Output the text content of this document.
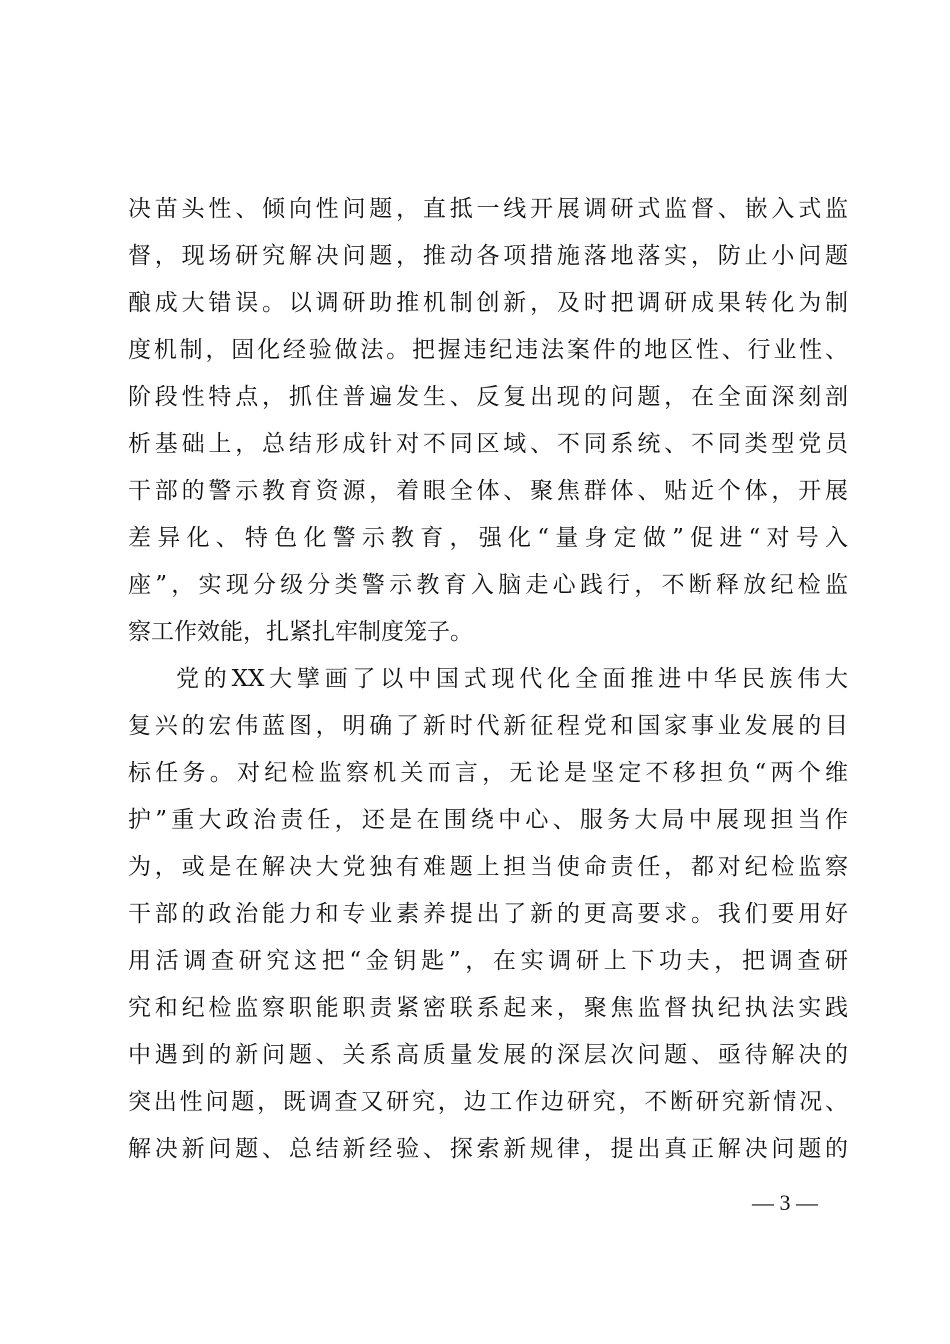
决苗头性、倾向性问题，直抵一线开展调研式监督、嵌入式监
督，现场研究解决问题，推动各项措施落地落实，防止小问题
酿成大错误。以调研助推机制创新，及时把调研成果转化为制
度机制，固化经验做法。把握违纪违法案件的地区性、行业性、
阶段性特点，抓住普遍发生、反复出现的问题，在全面深刻剖
析基础上，总结形成针对不同区域、不同系统、不同类型党员
干部的警示教育资源，着眼全体、聚焦群体、贴近个体，开展
差异化、特色化警示教育，强化“量身定做”促进“对号入
座”，实现分级分类警示教育入脑走心践行，不断释放纪检监
察工作效能，扎紧扎牢制度笼子。
党的XX大擘画了以中国式现代化全面推进中华民族伟大
复兴的宏伟蓝图，明确了新时代新征程党和国家事业发展的目
标任务。对纪检监察机关而言，无论是坚定不移担负“两个维
护”重大政治责任，还是在围绕中心、服务大局中展现担当作
为，或是在解决大党独有难题上担当使命责任，都对纪检监察
干部的政治能力和专业素养提出了新的更高要求。我们要用好
用活调查研究这把“金钥匙”，在实调研上下功夫，把调查研
究和纪检监察职能职责紧密联系起来，聚焦监督执纪执法实践
中遇到的新问题、关系高质量发展的深层次问题、亟待解决的
突出性问题，既调查又研究，边工作边研究，不断研究新情况、
解决新问题、总结新经验、探索新规律，提出真正解决问题的
— 3 —
